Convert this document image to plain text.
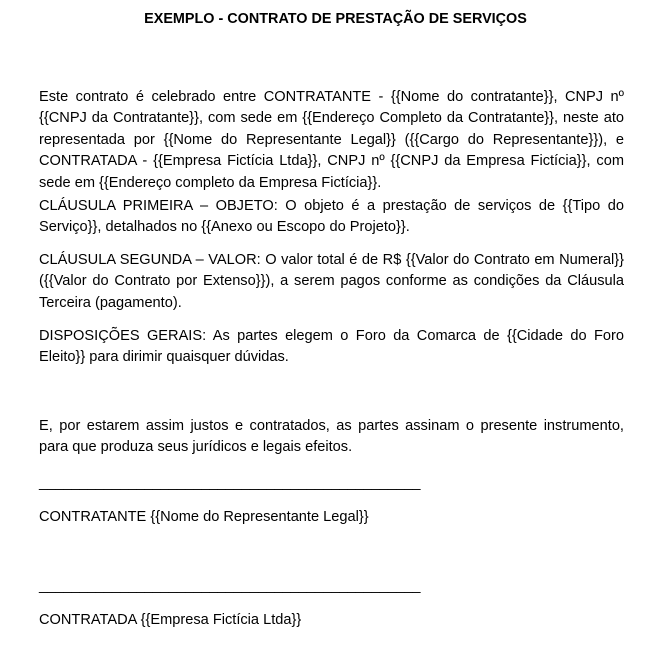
EXEMPLO - CONTRATO DE PRESTAÇÃO DE SERVIÇOS

Este contrato é celebrado entre CONTRATANTE - {{Nome do contratante}}, CNPJ nº {{CNPJ da Contratante}}, com sede em {{Endereço Completo da Contratante}}, neste ato representada por {{Nome do Representante Legal}} ({{Cargo do Representante}}), e CONTRATADA - {{Empresa Fictícia Ltda}}, CNPJ nº {{CNPJ da Empresa Fictícia}}, com sede em {{Endereço completo da Empresa Fictícia}}.

CLÁUSULA PRIMEIRA – OBJETO: O objeto é a prestação de serviços de {{Tipo do Serviço}}, detalhados no {{Anexo ou Escopo do Projeto}}.

CLÁUSULA SEGUNDA – VALOR: O valor total é de R$ {{Valor do Contrato em Numeral}} ({{Valor do Contrato por Extenso}}), a serem pagos conforme as condições da Cláusula Terceira (pagamento).

DISPOSIÇÕES GERAIS: As partes elegem o Foro da Comarca de {{Cidade do Foro Eleito}} para dirimir quaisquer dúvidas.

E, por estarem assim justos e contratados, as partes assinam o presente instrumento, para que produza seus jurídicos e legais efeitos.

_______________________________________________

CONTRATANTE {{Nome do Representante Legal}}

_______________________________________________

CONTRATADA {{Empresa Fictícia Ltda}}
